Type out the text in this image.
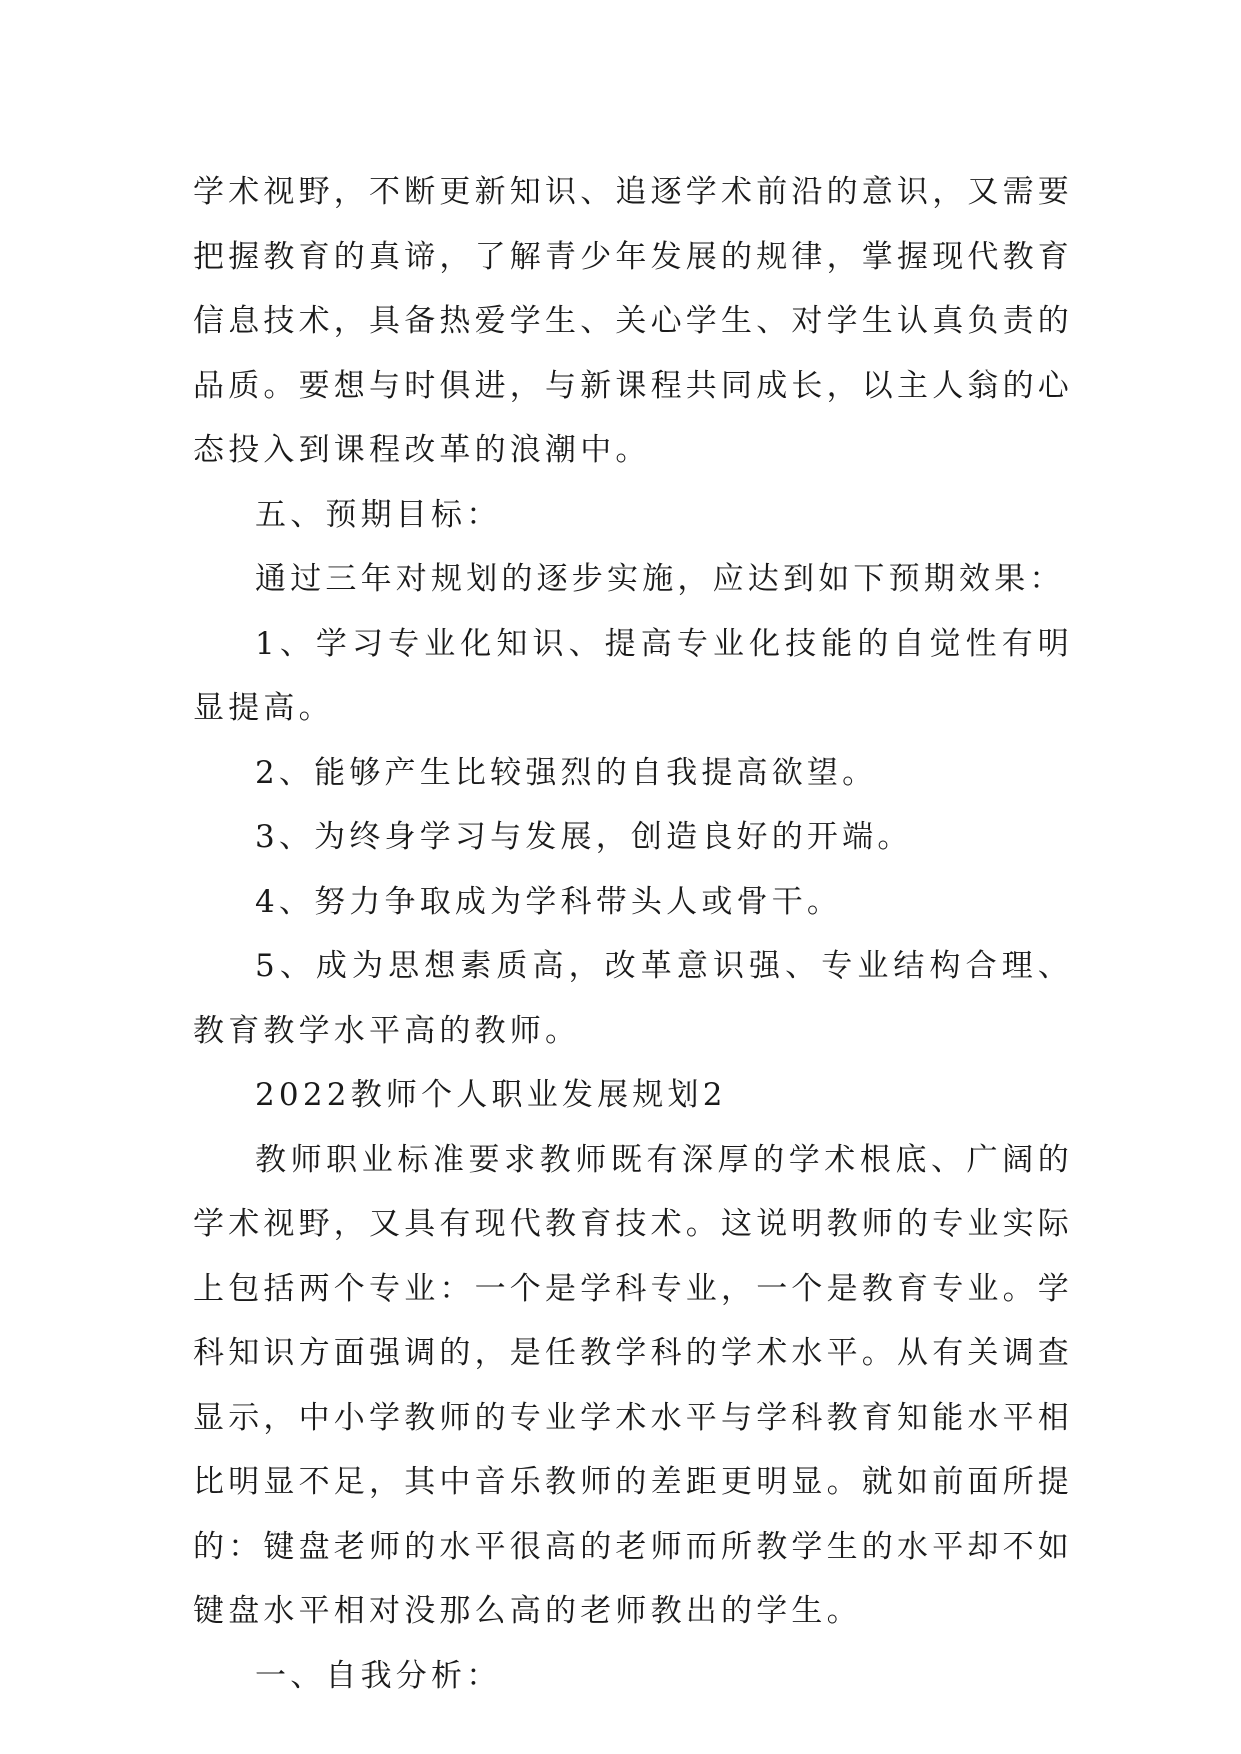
学术视野，不断更新知识、追逐学术前沿的意识，又需要把握教育的真谛，了解青少年发展的规律，掌握现代教育信息技术，具备热爱学生、关心学生、对学生认真负责的品质。要想与时俱进，与新课程共同成长，以主人翁的心态投入到课程改革的浪潮中。

五、预期目标：

通过三年对规划的逐步实施，应达到如下预期效果：

1、学习专业化知识、提高专业化技能的自觉性有明显提高。

2、能够产生比较强烈的自我提高欲望。

3、为终身学习与发展，创造良好的开端。

4、努力争取成为学科带头人或骨干。

5、成为思想素质高，改革意识强、专业结构合理、教育教学水平高的教师。

2022教师个人职业发展规划2

教师职业标准要求教师既有深厚的学术根底、广阔的学术视野，又具有现代教育技术。这说明教师的专业实际上包括两个专业：一个是学科专业，一个是教育专业。学科知识方面强调的，是任教学科的学术水平。从有关调查显示，中小学教师的专业学术水平与学科教育知能水平相比明显不足，其中音乐教师的差距更明显。就如前面所提的：键盘老师的水平很高的老师而所教学生的水平却不如键盘水平相对没那么高的老师教出的学生。

一、自我分析：
